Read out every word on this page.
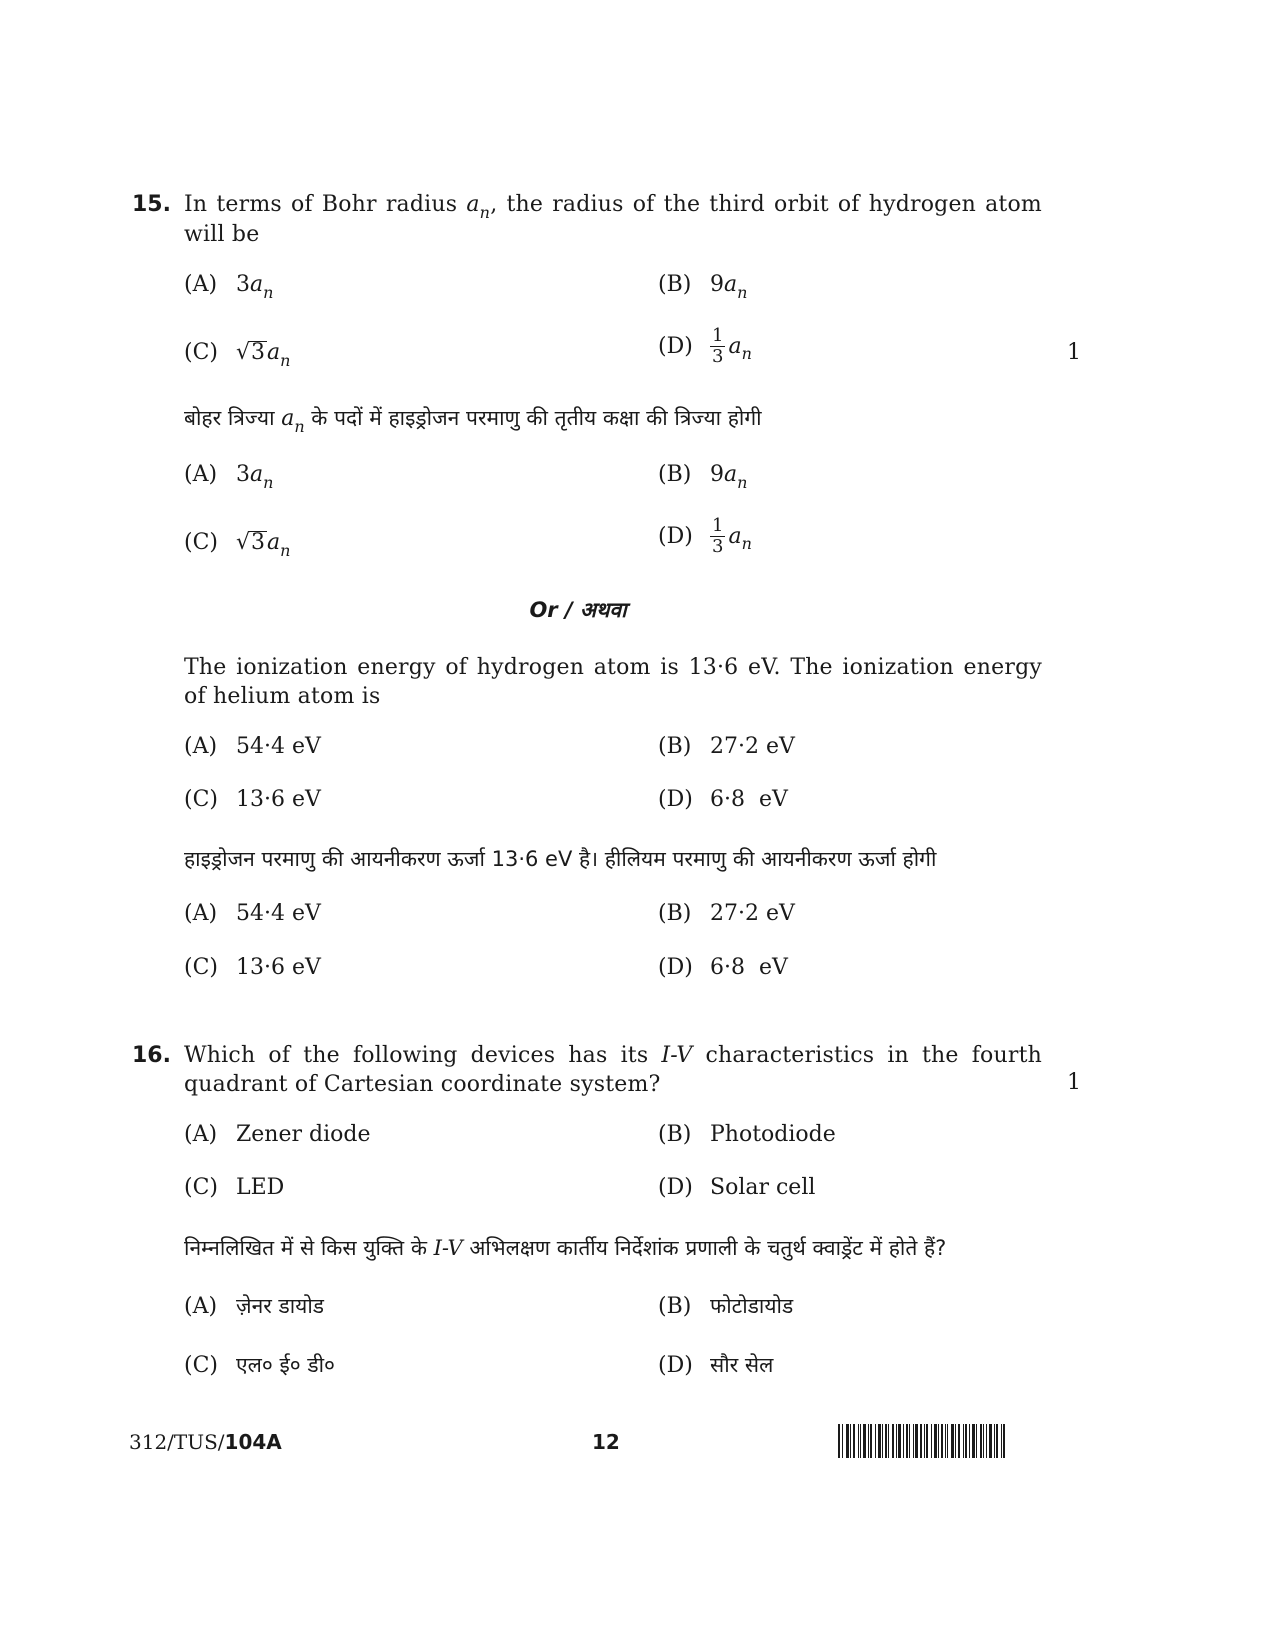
15. In terms of Bohr radius $a_n$, the radius of the third orbit of hydrogen atom will be
(A) $3a_n$	(B) $9a_n$
(C) $√3a_n$
$(D) \frac{1}{3} a_n$	1
बोहर त्रिज्या $a_n$ के पदों में हाइड्रोजन परमाणु की तृतीय कक्षा की त्रिज्या होगी
(A) $3a_n$	(B) $9a_n$
(C) $√3a_n$
$(D) \frac{1}{3} a_n$
Or / अथवा
The ionization energy of hydrogen atom is 13·6 eV. The ionization energy of helium atom is
(A) 54·4 eV	(B) 27·2 eV
(C) 13·6 eV	(D) 6·8  eV
हाइड्रोजन परमाणु की आयनीकरण ऊर्जा 13·6 eV है। हीलियम परमाणु की आयनीकरण ऊर्जा होगी
(A) 54·4 eV	(B) 27·2 eV
(C) 13·6 eV	(D) 6·8  eV
16. Which of the following devices has its I-V characteristics in the fourth quadrant of Cartesian coordinate system?	1
(A) Zener diode	(B) Photodiode
(C) LED	(D) Solar cell
निम्नलिखित में से किस युक्ति के I-V अभिलक्षण कार्तीय निर्देशांक प्रणाली के चतुर्थ क्वाड्रेंट में होते हैं?
(A) ज़ेनर डायोड	(B) फोटोडायोड
(C) एल० ई० डी०	(D) सौर सेल
312/TUS/104A	12
